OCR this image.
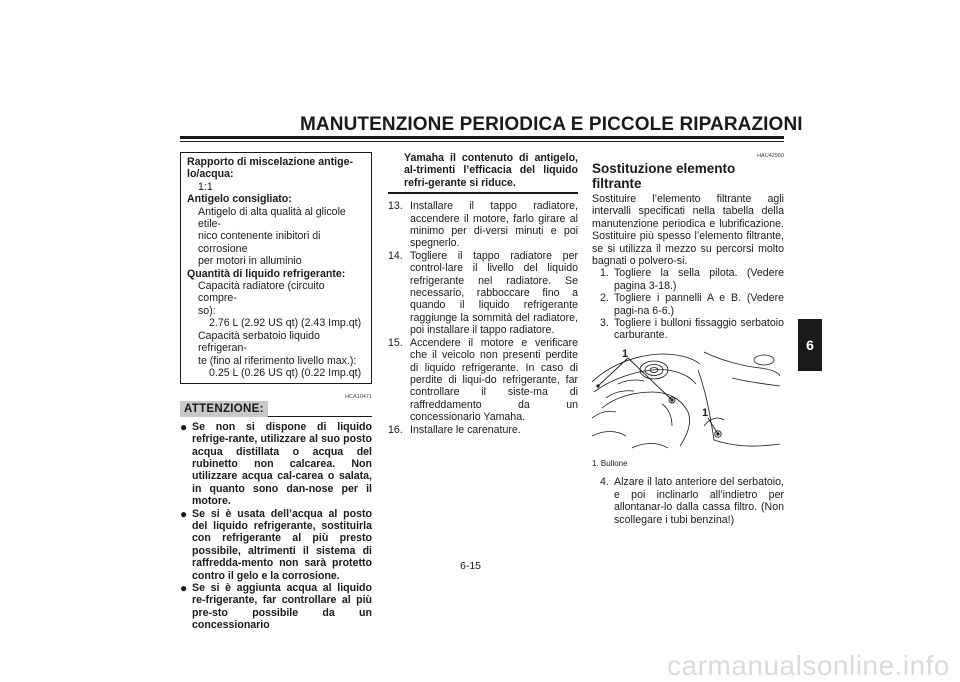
MANUTENZIONE PERIODICA E PICCOLE RIPARAZIONI
6
Rapporto di miscelazione antige-
lo/acqua:
1:1
Antigelo consigliato:
Antigelo di alta qualità al glicole etile-
nico contenente inibitori di corrosione
per motori in alluminio
Quantità di liquido refrigerante:
Capacità radiatore (circuito compre-
so):
2.76 L (2.92 US qt) (2.43 Imp.qt)
Capacità serbatoio liquido refrigeran-
te (fino al riferimento livello max.):
0.25 L (0.26 US qt) (0.22 Imp.qt)
HCA10471
ATTENZIONE:
● Se non si dispone di liquido refrige-rante, utilizzare al suo posto acqua distillata o acqua del rubinetto non calcarea. Non utilizzare acqua cal-carea o salata, in quanto sono dan-nose per il motore.
● Se si è usata dell’acqua al posto del liquido refrigerante, sostituirla con refrigerante al più presto possibile, altrimenti il sistema di raffredda-mento non sarà protetto contro il gelo e la corrosione.
● Se si è aggiunta acqua al liquido re-frigerante, far controllare al più pre-sto possibile da un concessionario
Yamaha il contenuto di antigelo, al-trimenti l’efficacia del liquido refri-gerante si riduce.
13. Installare il tappo radiatore, accendere il motore, farlo girare al minimo per di-versi minuti e poi spegnerlo.
14. Togliere il tappo radiatore per control-lare il livello del liquido refrigerante nel radiatore. Se necessario, rabboccare fino a quando il liquido refrigerante raggiunge la sommità del radiatore, poi installare il tappo radiatore.
15. Accendere il motore e verificare che il veicolo non presenti perdite di liquido refrigerante. In caso di perdite di liqui-do refrigerante, far controllare il siste-ma di raffreddamento da un concessionario Yamaha.
16. Installare le carenature.
HAU42960
Sostituzione elemento filtrante
Sostituire l’elemento filtrante agli intervalli specificati nella tabella della manutenzione periodica e lubrificazione. Sostituire più spesso l’elemento filtrante, se si utilizza il mezzo su percorsi molto bagnati o polvero-si.
1. Togliere la sella pilota. (Vedere pagina 3-18.)
2. Togliere i pannelli A e B. (Vedere pagi-na 6-6.)
3. Togliere i bulloni fissaggio serbatoio carburante.
1
1
1. Bullone
4. Alzare il lato anteriore del serbatoio, e poi inclinarlo all’indietro per allontanar-lo dalla cassa filtro. (Non scollegare i tubi benzina!)
6-15
carmanualsonline.info
